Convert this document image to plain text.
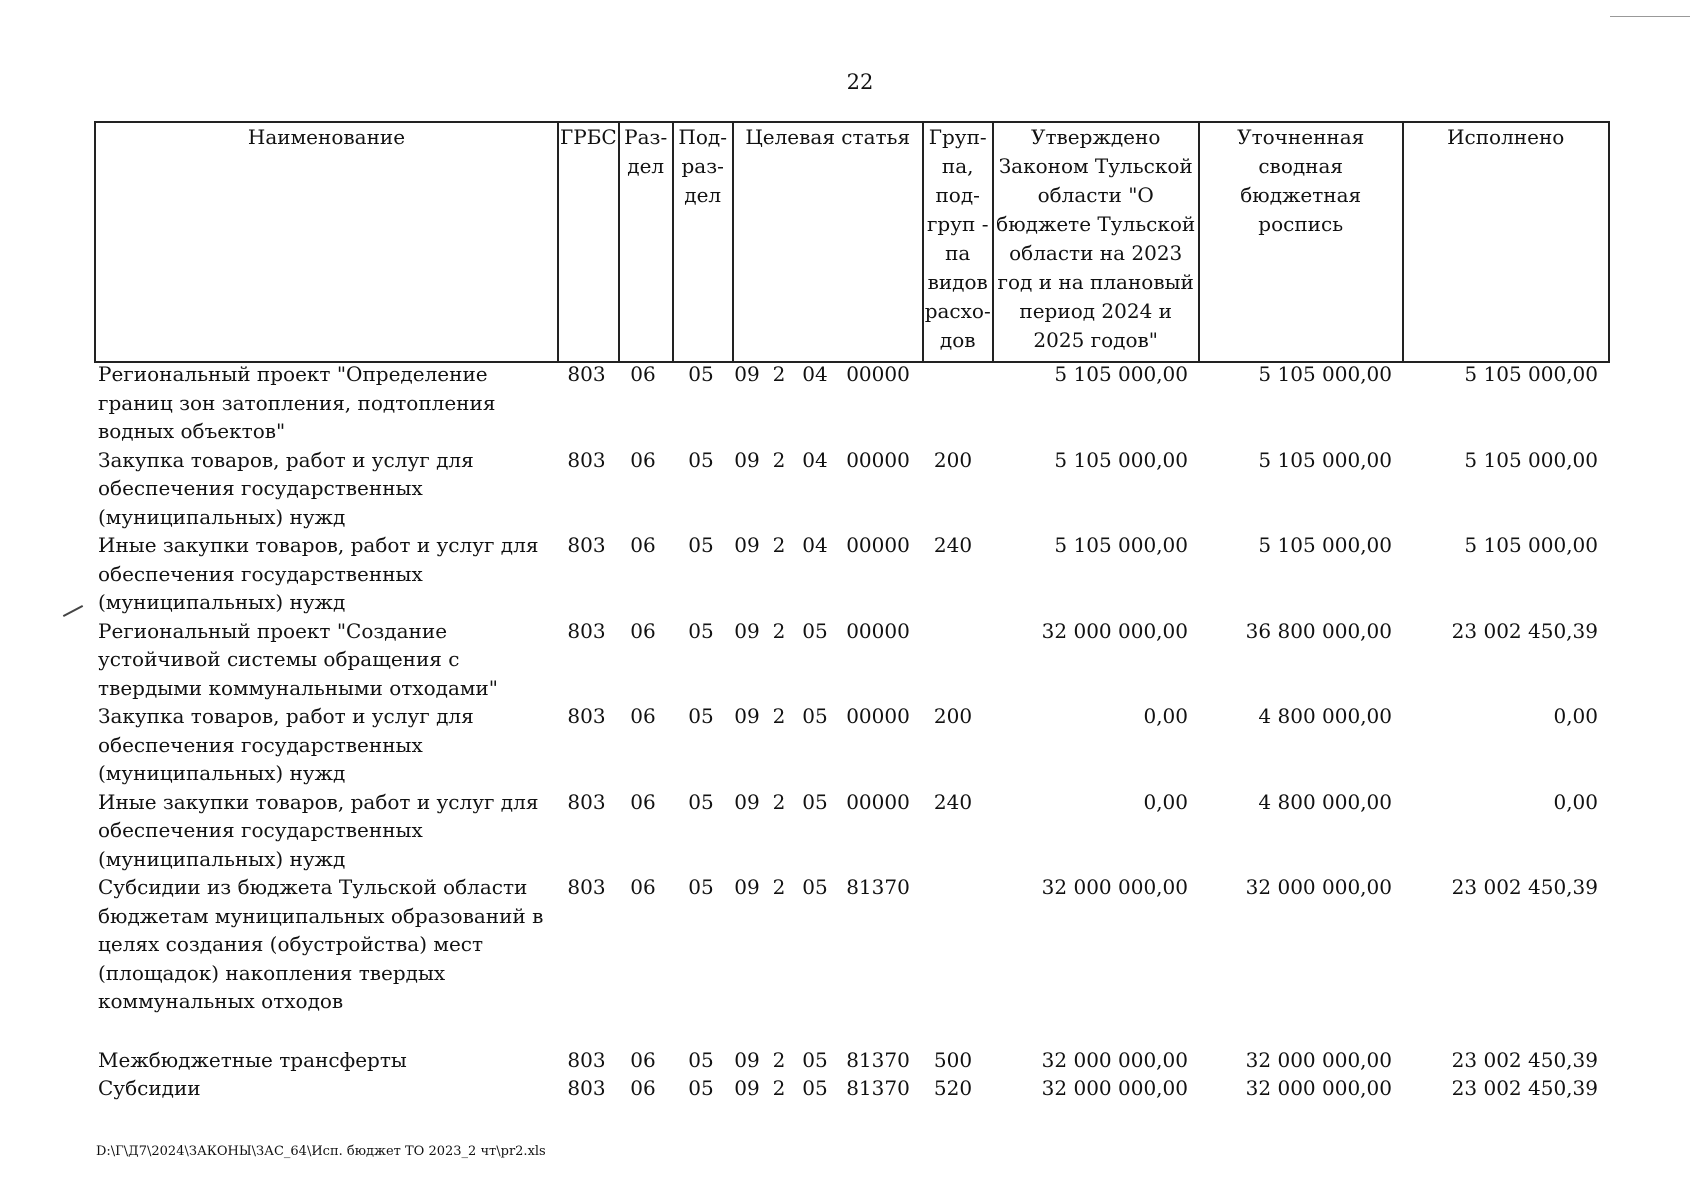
22
Наименование	ГРБС	Раз- дел	Под- раз- дел	Целевая статья	Груп- па, под- груп - па видов расхо- дов	Утверждено Законом Тульской области "О бюджете Тульской области на 2023 год и на плановый период 2024 и 2025 годов"	Уточненная сводная бюджетная роспись	Исполнено
Региональный проект "Определение границ зон затопления, подтопления водных объектов"	803	06	05	09	2	04	00000		5 105 000,00	5 105 000,00	5 105 000,00
Закупка товаров, работ и услуг для обеспечения государственных (муниципальных) нужд	803	06	05	09	2	04	00000	200	5 105 000,00	5 105 000,00	5 105 000,00
Иные закупки товаров, работ и услуг для обеспечения государственных (муниципальных) нужд	803	06	05	09	2	04	00000	240	5 105 000,00	5 105 000,00	5 105 000,00
Региональный проект "Создание устойчивой системы обращения с твердыми коммунальными отходами"	803	06	05	09	2	05	00000		32 000 000,00	36 800 000,00	23 002 450,39
Закупка товаров, работ и услуг для обеспечения государственных (муниципальных) нужд	803	06	05	09	2	05	00000	200	0,00	4 800 000,00	0,00
Иные закупки товаров, работ и услуг для обеспечения государственных (муниципальных) нужд	803	06	05	09	2	05	00000	240	0,00	4 800 000,00	0,00
Субсидии из бюджета Тульской области бюджетам муниципальных образований в целях создания (обустройства) мест (площадок) накопления твердых коммунальных отходов	803	06	05	09	2	05	81370		32 000 000,00	32 000 000,00	23 002 450,39

Межбюджетные трансферты	803	06	05	09	2	05	81370	500	32 000 000,00	32 000 000,00	23 002 450,39
Субсидии	803	06	05	09	2	05	81370	520	32 000 000,00	32 000 000,00	23 002 450,39
D:\Г\Д7\2024\ЗАКОНЫ\ЗАС_64\Исп. бюджет ТО 2023_2 чт\pr2.xls
